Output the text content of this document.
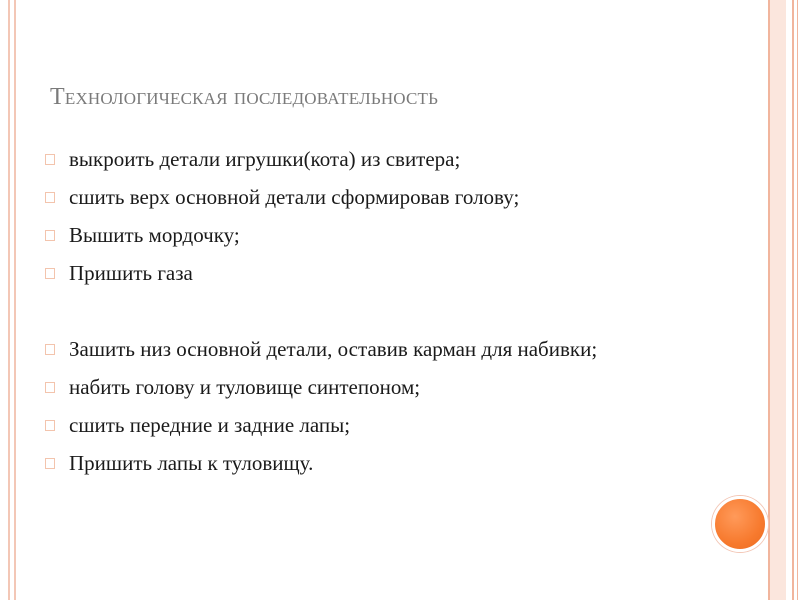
Технологическая последовательность
выкроить детали игрушки(кота) из свитера;
сшить верх основной детали сформировав голову;
Вышить мордочку;
Пришить газа
Зашить низ основной детали, оставив карман для набивки;
набить голову и туловище синтепоном;
сшить передние и задние лапы;
Пришить лапы к туловищу.
